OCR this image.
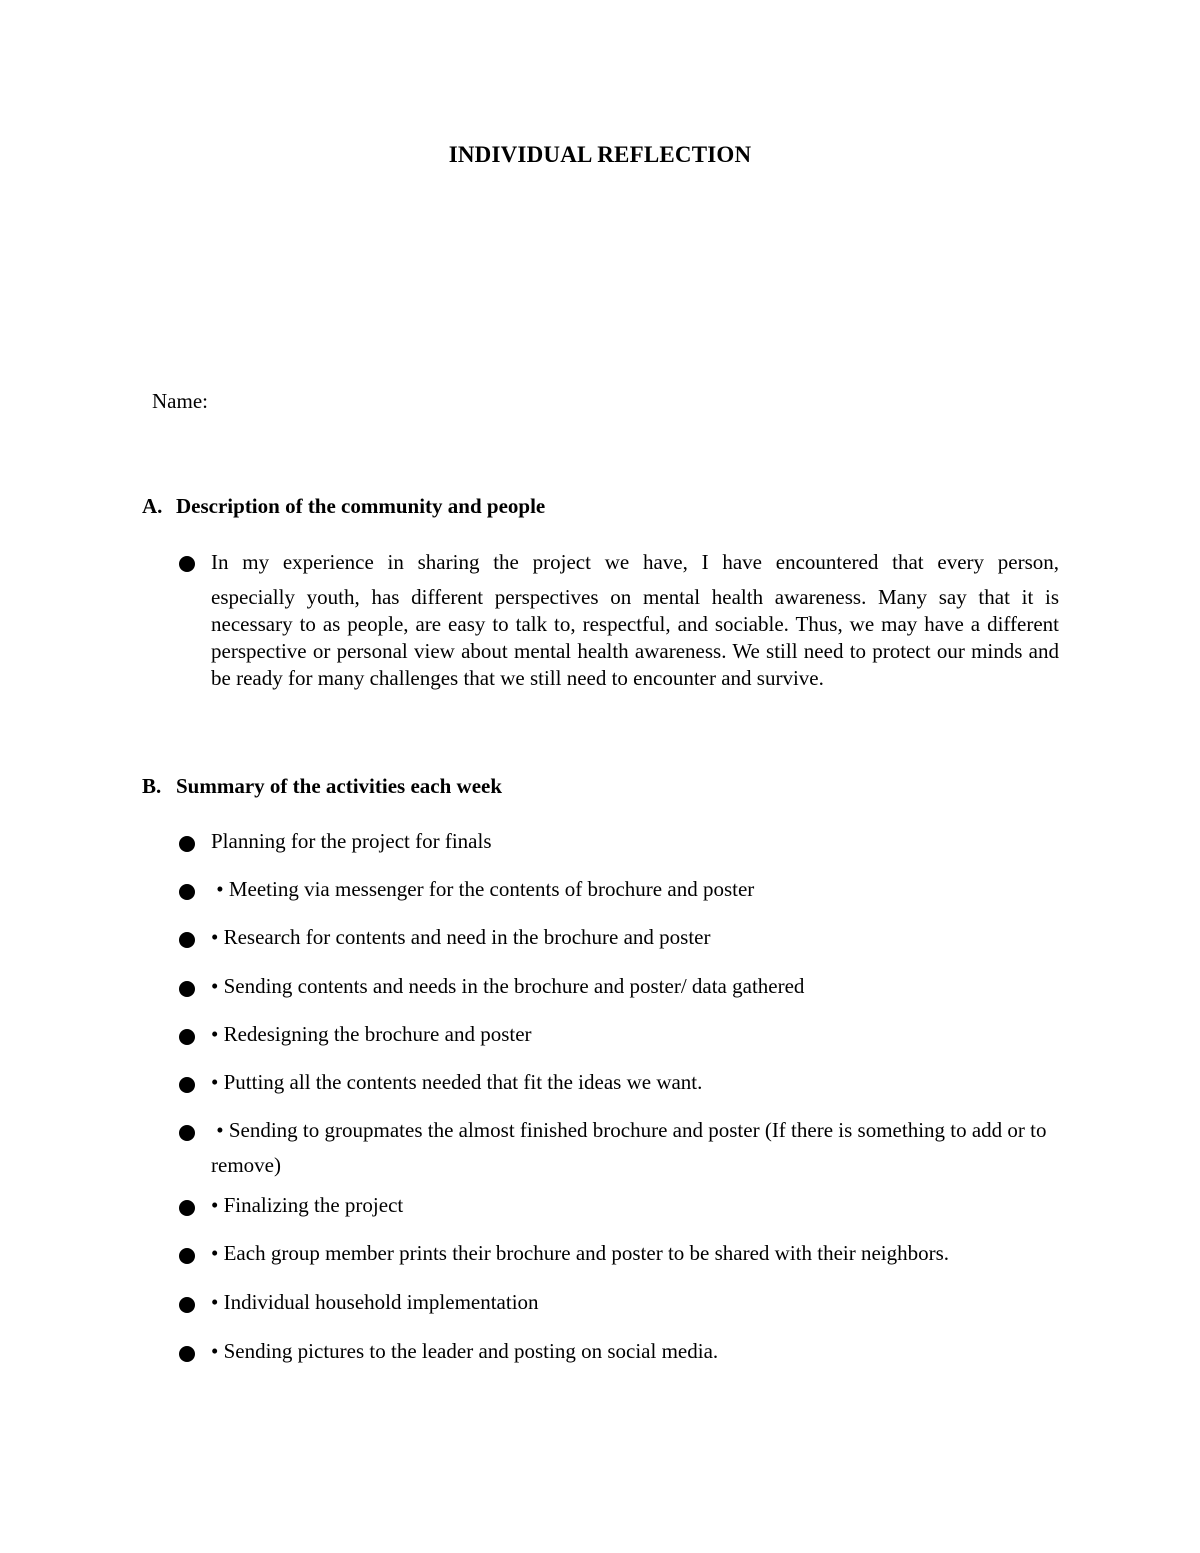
INDIVIDUAL REFLECTION
Name:
A. Description of the community and people
In my experience in sharing the project we have, I have encountered that every person,
especially youth, has different perspectives on mental health awareness. Many say that it is necessary to as people, are easy to talk to, respectful, and sociable. Thus, we may have a different perspective or personal view about mental health awareness. We still need to protect our minds and be ready for many challenges that we still need to encounter and survive.
B. Summary of the activities each week
Planning for the project for finals
• Meeting via messenger for the contents of brochure and poster
• Research for contents and need in the brochure and poster
• Sending contents and needs in the brochure and poster/ data gathered
• Redesigning the brochure and poster
• Putting all the contents needed that fit the ideas we want.
• Sending to groupmates the almost finished brochure and poster (If there is something to add or to remove)
• Finalizing the project
• Each group member prints their brochure and poster to be shared with their neighbors.
• Individual household implementation
• Sending pictures to the leader and posting on social media.
